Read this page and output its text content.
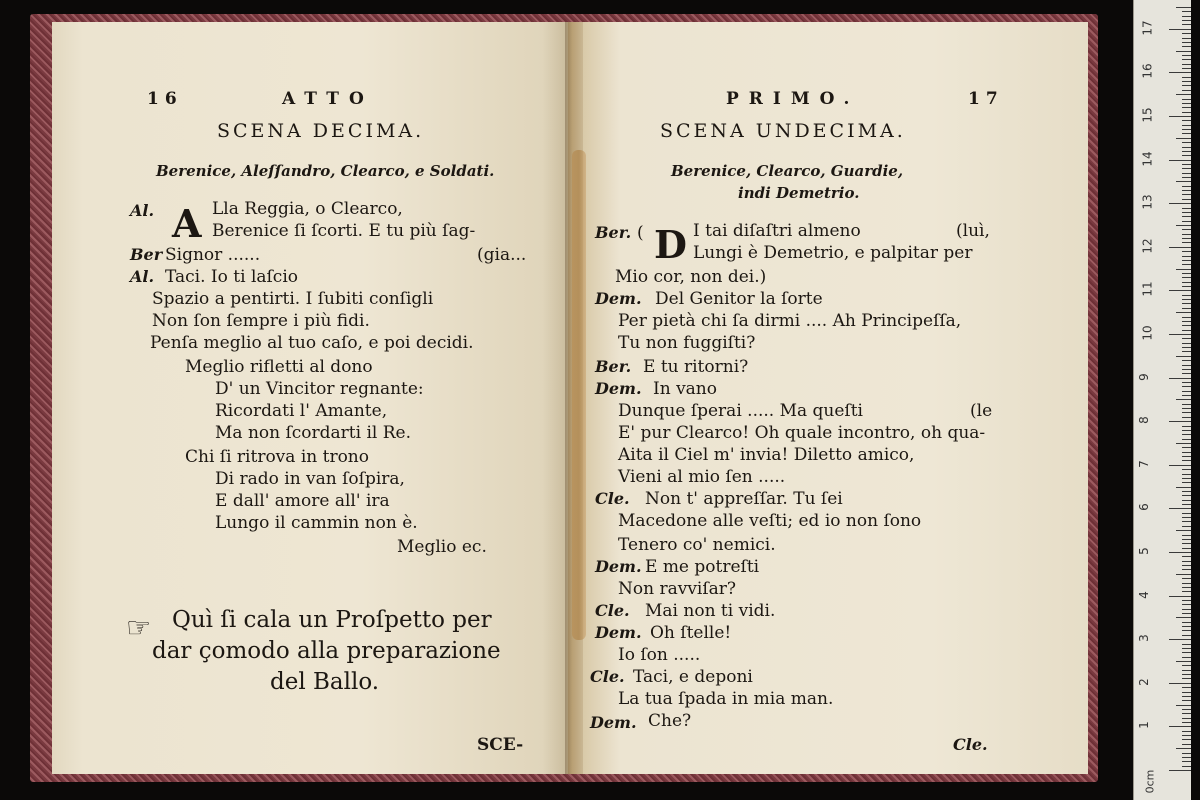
16	ATTO
SCENA DECIMA.
Berenice, Aleſſandro, Clearco, e Soldati.
Al. A Lla Reggia, o Clearco,
Berenice ſi ſcorti. E tu più ſag-
Ber Signor ......	(gia...
Al. Taci. Io ti laſcio
Spazio a pentirti. I ſubiti conſigli
Non ſon ſempre i più fidi.
Penſa meglio al tuo caſo, e poi decidi.
Meglio rifletti al dono
D' un Vincitor regnante:
Ricordati l' Amante,
Ma non ſcordarti il Re.
Chi ſi ritrova in trono
Di rado in van ſoſpira,
E dall' amore all' ira
Lungo il cammin non è.
Meglio ec.
☞ Quì ſi cala un Proſpetto per
dar çomodo alla preparazione
del Ballo.
SCE-
PRIMO.	17
SCENA UNDECIMA.
Berenice, Clearco, Guardie,
indi Demetrio.
Ber. ( D I tai diſaſtri almeno	(luì,
Lungi è Demetrio, e palpitar per
Mio cor, non dei.)
Dem. Del Genitor la ſorte
Per pietà chi ſa dirmi .... Ah Principeſſa,
Tu non fuggiſti?
Ber. E tu ritorni?
Dem. In vano
Dunque ſperai ..... Ma queſti	(le
E' pur Clearco! Oh quale incontro, oh qua-
Aita il Ciel m' invia! Diletto amico,
Vieni al mio ſen .....
Cle. Non t' appreſſar. Tu ſei
Macedone alle veſti; ed io non ſono
Tenero co' nemici.
Dem. E me potreſti
Non ravviſar?
Cle. Mai non ti vidi.
Dem. Oh ſtelle!
Io ſon .....
Cle. Taci, e deponi
La tua ſpada in mia man.
Dem. Che?
Cle.
0cm
1
2
3
4
5
6
7
8
9
10
11
12
13
14
15
16
17
